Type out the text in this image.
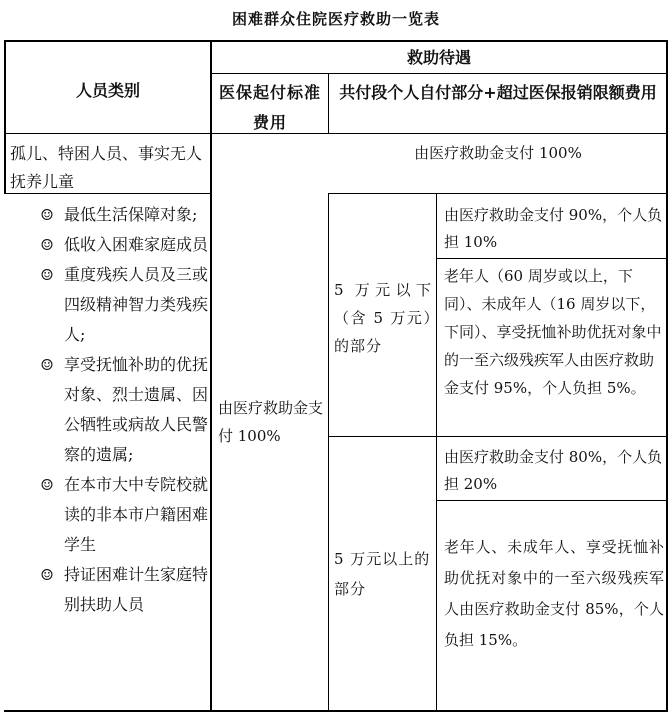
困难群众住院医疗救助一览表
人员类别
救助待遇
医保起付标准费用
共付段个人自付部分+超过医保报销限额费用
孤儿、特困人员、事实无人抚养儿童
由医疗救助金支付 100%
☺ 最低生活保障对象;
☺ 低收入困难家庭成员
☺ 重度残疾人员及三或四级精神智力类残疾人;
☺ 享受抚恤补助的优抚对象、烈士遗属、因公牺牲或病故人民警察的遗属;
☺ 在本市大中专院校就读的非本市户籍困难学生
☺ 持证困难计生家庭特别扶助人员
由医疗救助金支付 100%
5 万元以下（含 5 万元）的部分
由医疗救助金支付 90%，个人负担 10%
老年人（60 周岁或以上，下同）、未成年人（16 周岁以下，下同）、享受抚恤补助优抚对象中的一至六级残疾军人由医疗救助金支付 95%，个人负担 5%。
5 万元以上的部分
由医疗救助金支付 80%，个人负担 20%
老年人、未成年人、享受抚恤补助优抚对象中的一至六级残疾军人由医疗救助金支付 85%，个人负担 15%。
